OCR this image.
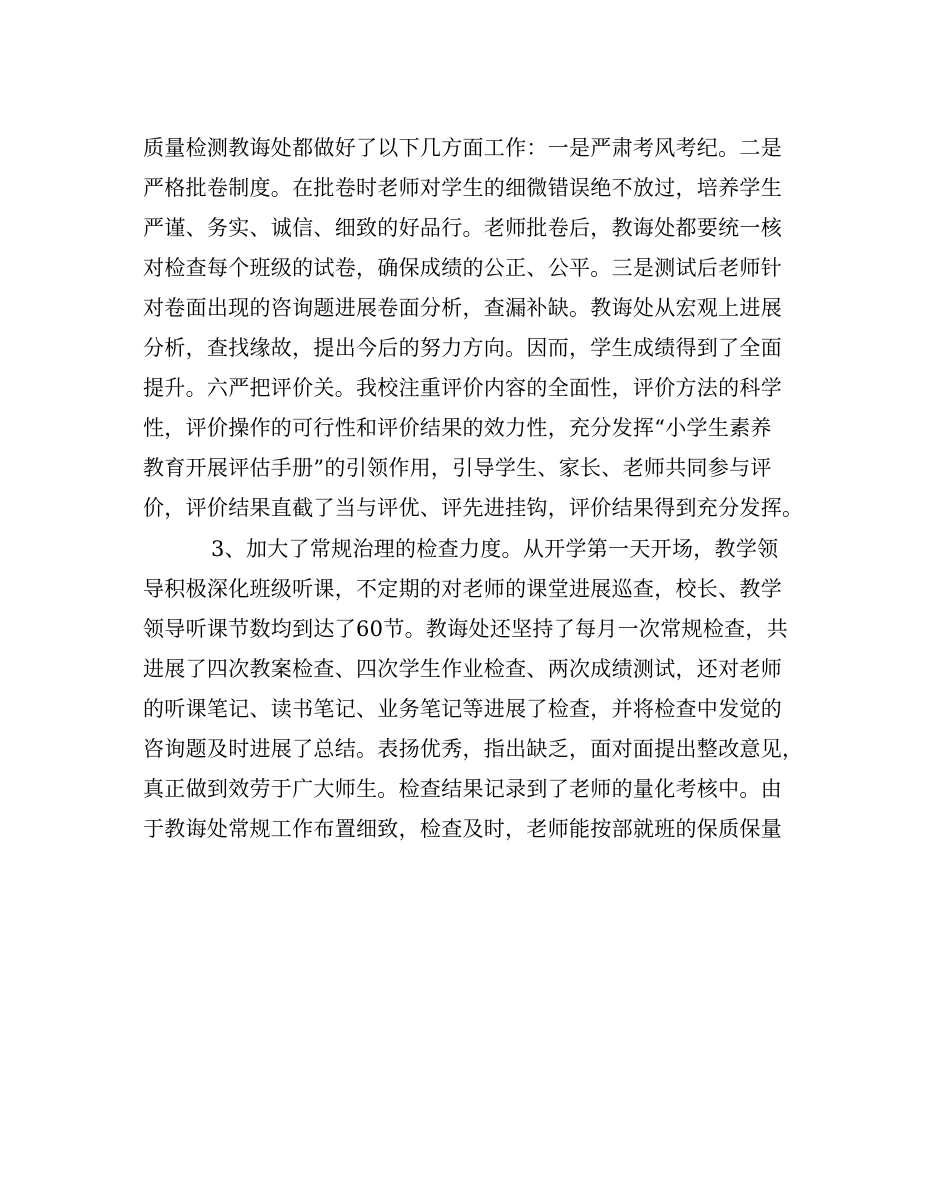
质量检测教诲处都做好了以下几方面工作：一是严肃考风考纪。二是
严格批卷制度。在批卷时老师对学生的细微错误绝不放过，培养学生
严谨、务实、诚信、细致的好品行。老师批卷后，教诲处都要统一核
对检查每个班级的试卷，确保成绩的公正、公平。三是测试后老师针
对卷面出现的咨询题进展卷面分析，查漏补缺。教诲处从宏观上进展
分析，查找缘故，提出今后的努力方向。因而，学生成绩得到了全面
提升。六严把评价关。我校注重评价内容的全面性，评价方法的科学
性，评价操作的可行性和评价结果的效力性，充分发挥“小学生素养
教育开展评估手册”的引领作用，引导学生、家长、老师共同参与评
价，评价结果直截了当与评优、评先进挂钩，评价结果得到充分发挥。
3、加大了常规治理的检查力度。从开学第一天开场，教学领
导积极深化班级听课，不定期的对老师的课堂进展巡查，校长、教学
领导听课节数均到达了60节。教诲处还坚持了每月一次常规检查，共
进展了四次教案检查、四次学生作业检查、两次成绩测试，还对老师
的听课笔记、读书笔记、业务笔记等进展了检查，并将检查中发觉的
咨询题及时进展了总结。表扬优秀，指出缺乏，面对面提出整改意见，
真正做到效劳于广大师生。检查结果记录到了老师的量化考核中。由
于教诲处常规工作布置细致，检查及时，老师能按部就班的保质保量
